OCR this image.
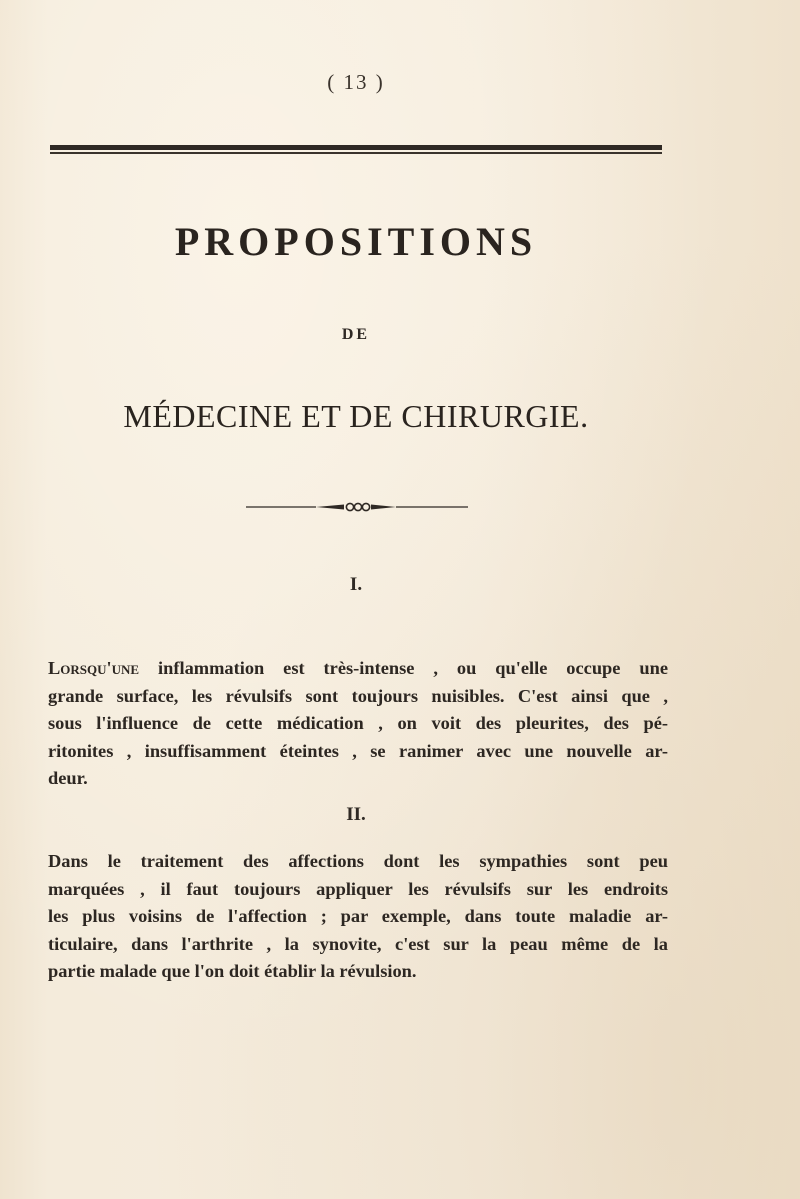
( 13 )
PROPOSITIONS
DE
MÉDECINE ET DE CHIRURGIE.
I.
Lorsqu'une inflammation est très-intense , ou qu'elle occupe une
grande surface, les révulsifs sont toujours nuisibles. C'est ainsi que ,
sous l'influence de cette médication , on voit des pleurites, des pé-
ritonites , insuffisamment éteintes , se ranimer avec une nouvelle ar-
deur.
II.
Dans le traitement des affections dont les sympathies sont peu
marquées , il faut toujours appliquer les révulsifs sur les endroits
les plus voisins de l'affection ; par exemple, dans toute maladie ar-
ticulaire, dans l'arthrite , la synovite, c'est sur la peau même de la
partie malade que l'on doit établir la révulsion.
